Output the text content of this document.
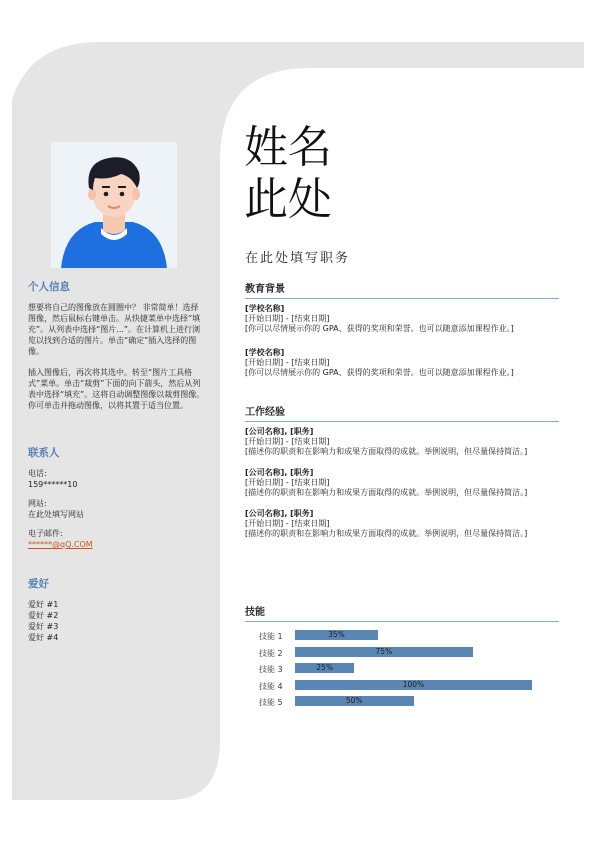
个人信息

想要将自己的图像放在圆圈中？ 非常简单！选择图像，然后鼠标右键单击。从快捷菜单中选择“填充”。从列表中选择“图片...”。在计算机上进行浏览以找到合适的图片。单击“确定”插入选择的图像。

插入图像后，再次将其选中。转至“图片工具格式”菜单。单击“裁剪”下面的向下箭头，然后从列表中选择“填充”。这将自动调整图像以裁剪图像。你可单击并拖动图像，以将其置于适当位置。

联系人

电话:

159******10

网站:

在此处填写网站

电子邮件:

******@qQ.COM

爱好

爱好 #1

爱好 #2

爱好 #3

爱好 #4

姓名
此处
在此处填写职务
教育背景
[学校名称]
[开始日期] - [结束日期]
[你可以尽情展示你的 GPA、获得的奖项和荣誉。也可以随意添加课程作业。]
[学校名称]
[开始日期] - [结束日期]
[你可以尽情展示你的 GPA、获得的奖项和荣誉。也可以随意添加课程作业。]
工作经验
[公司名称], [职务]
[开始日期] - [结束日期]
[描述你的职责和在影响力和成果方面取得的成就。举例说明，但尽量保持简洁。]
[公司名称], [职务]
[开始日期] - [结束日期]
[描述你的职责和在影响力和成果方面取得的成就。举例说明，但尽量保持简洁。]
[公司名称], [职务]
[开始日期] - [结束日期]
[描述你的职责和在影响力和成果方面取得的成就。举例说明，但尽量保持简洁。]
技能
技能 1	35%
技能 2	75%
技能 3	25%
技能 4	100%
技能 5	50%
